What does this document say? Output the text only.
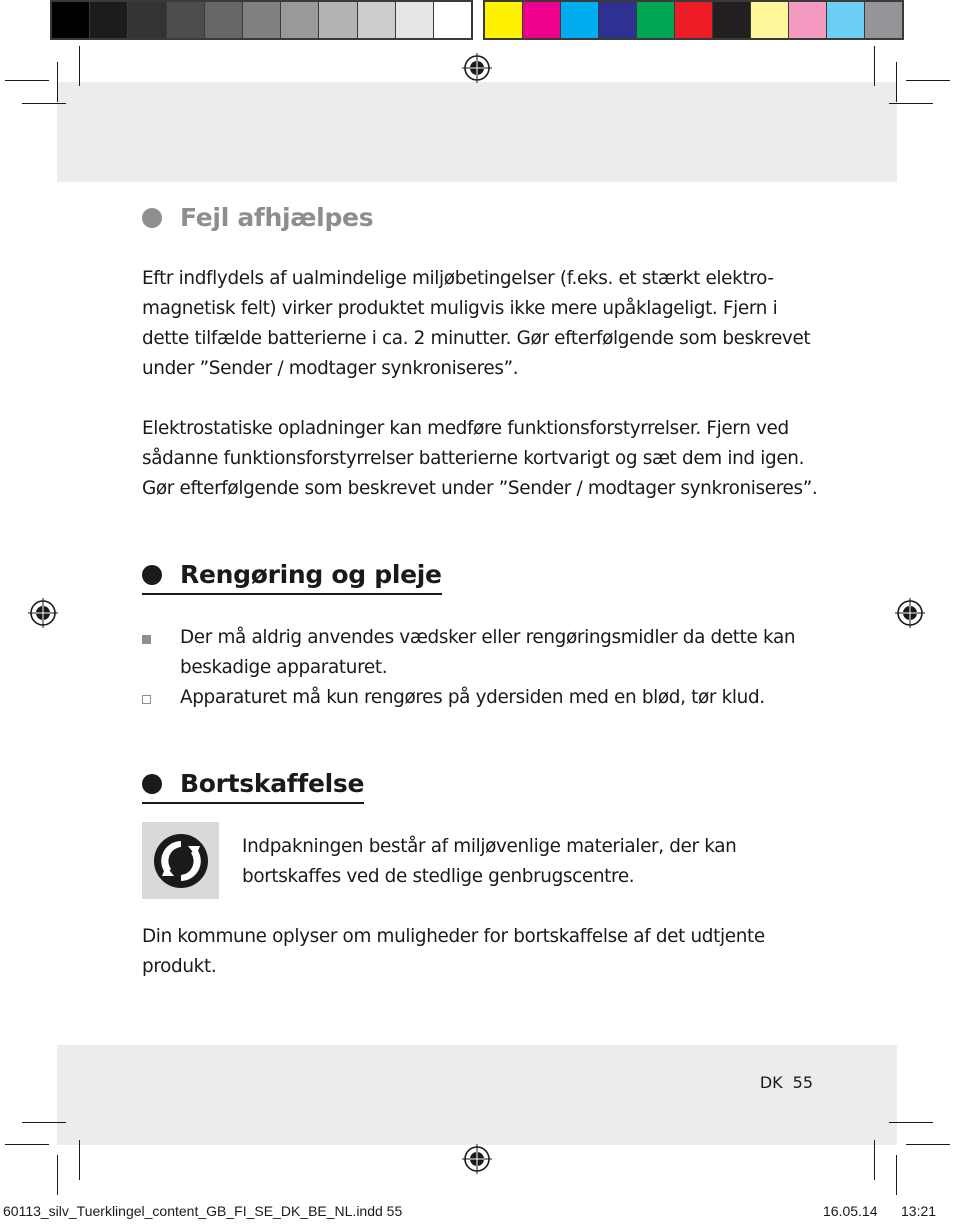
Fejl afhjælpes

Eftr indflydels af ualmindelige miljøbetingelser (f.eks. et stærkt elektro-magnetisk felt) virker produktet muligvis ikke mere upåklageligt. Fjern i dette tilfælde batterierne i ca. 2 minutter. Gør efterfølgende som beskrevet under ”Sender / modtager synkroniseres”.

Elektrostatiske opladninger kan medføre funktionsforstyrrelser. Fjern ved sådanne funktionsforstyrrelser batterierne kortvarigt og sæt dem ind igen. Gør efterfølgende som beskrevet under ”Sender / modtager synkroniseres”.

Rengøring og pleje
Der må aldrig anvendes vædsker eller rengøringsmidler da dette kan beskadige apparaturet.
Apparaturet må kun rengøres på ydersiden med en blød, tør klud.
Bortskaffelse

Indpakningen består af miljøvenlige materialer, der kan bortskaffes ved de stedlige genbrugscentre.

Din kommune oplyser om muligheder for bortskaffelse af det udtjente produkt.

DK 55
60113_silv_Tuerklingel_content_GB_FI_SE_DK_BE_NL.indd 55	16.05.14 13:21
